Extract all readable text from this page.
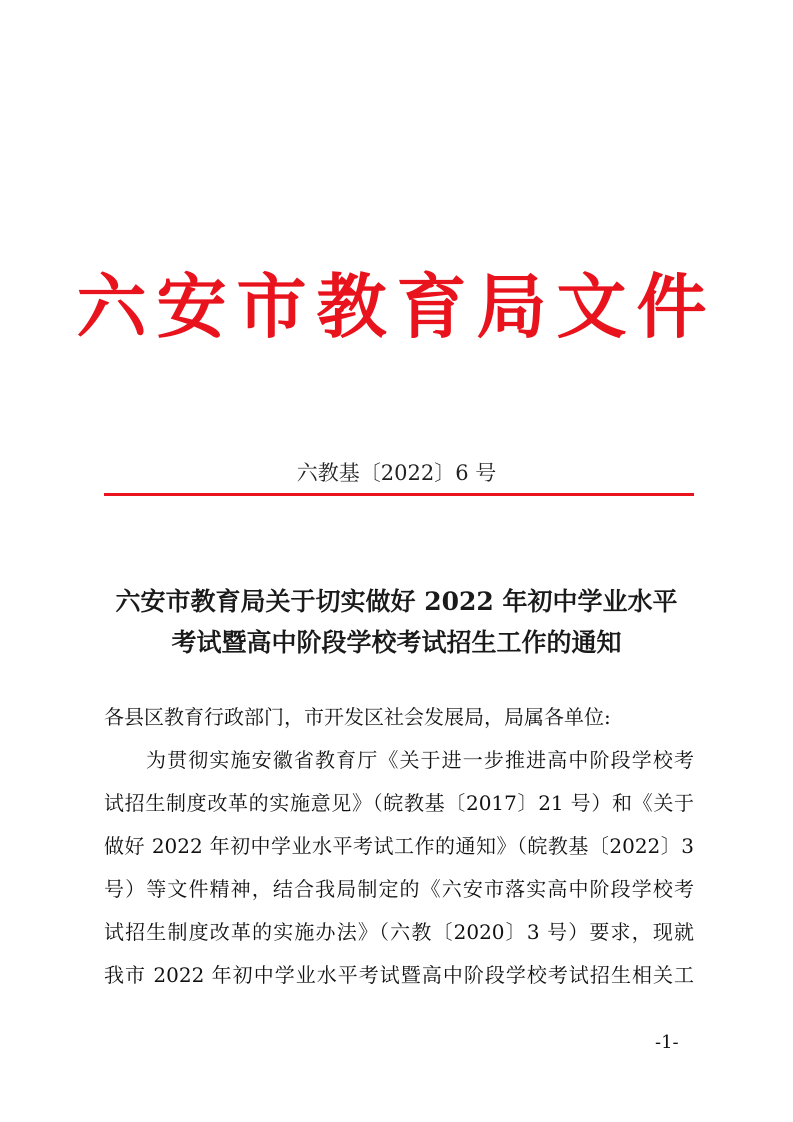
六安市教育局文件
六教基〔2022〕6 号
六安市教育局关于切实做好 2022 年初中学业水平
考试暨高中阶段学校考试招生工作的通知
各县区教育行政部门，市开发区社会发展局，局属各单位:
为贯彻实施安徽省教育厅《关于进一步推进高中阶段学校考
试招生制度改革的实施意见》（皖教基〔2017〕21 号）和《关于
做好 2022 年初中学业水平考试工作的通知》（皖教基〔2022〕3
号）等文件精神，结合我局制定的《六安市落实高中阶段学校考
试招生制度改革的实施办法》（六教〔2020〕3 号）要求，现就
我市 2022 年初中学业水平考试暨高中阶段学校考试招生相关工
-1-
